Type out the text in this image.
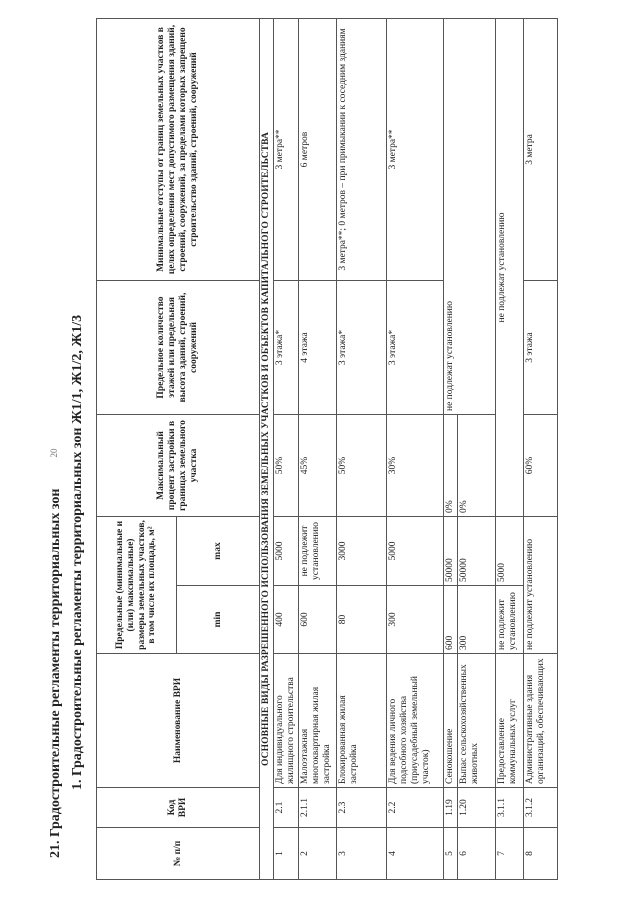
20
21. Градостроительные регламенты территориальных зон 1. Градостроительные регламенты территориальных зон Ж1/1, Ж1/2, Ж1/3
№ п/п	Код ВРИ	Наименование ВРИ	Предельные (минимальные и (или) максимальные) размеры земельных участков, в том числе их площадь, м²		Максимальный процент застройки в границах земельного участка	Предельное количество этажей или предельная высота зданий, строений, сооружений	Минимальные отступы от границ земельных участков в целях определения мест допустимого размещения зданий, строений, сооружений, за пределами которых запрещено строительство зданий, строений, сооружений
			min	max			
ОСНОВНЫЕ ВИДЫ РАЗРЕШЕННОГО ИСПОЛЬЗОВАНИЯ ЗЕМЕЛЬНЫХ УЧАСТКОВ И ОБЪЕКТОВ КАПИТАЛЬНОГО СТРОИТЕЛЬСТВА							
1	2.1	Для индивидуального жилищного строительства	400	5000	50%	3 этажа*	3 метра**
2	2.1.1	Малоэтажная многоквартирная жилая застройка	600	не подлежит установлению	45%	4 этажа	6 метров
3	2.3	Блокированная жилая застройка	80	3000	50%	3 этажа*	3 метра**; 0 метров – при примыкании к соседним зданиям
4	2.2	Для ведения личного подсобного хозяйства (приусадебный земельный участок)	300	5000	30%	3 этажа*	3 метра**
5	1.19	Сенокошение	600	50000	0%	не подлежат установлению	
6	1.20	Выпас сельскохозяйственных животных	300	50000	0%		
7	3.1.1	Предоставление коммунальных услуг	не подлежит установлению	5000	не подлежат установлению		
8	3.1.2	Административные здания организаций, обеспечивающих	не подлежит установлению		60%	3 этажа	3 метра
